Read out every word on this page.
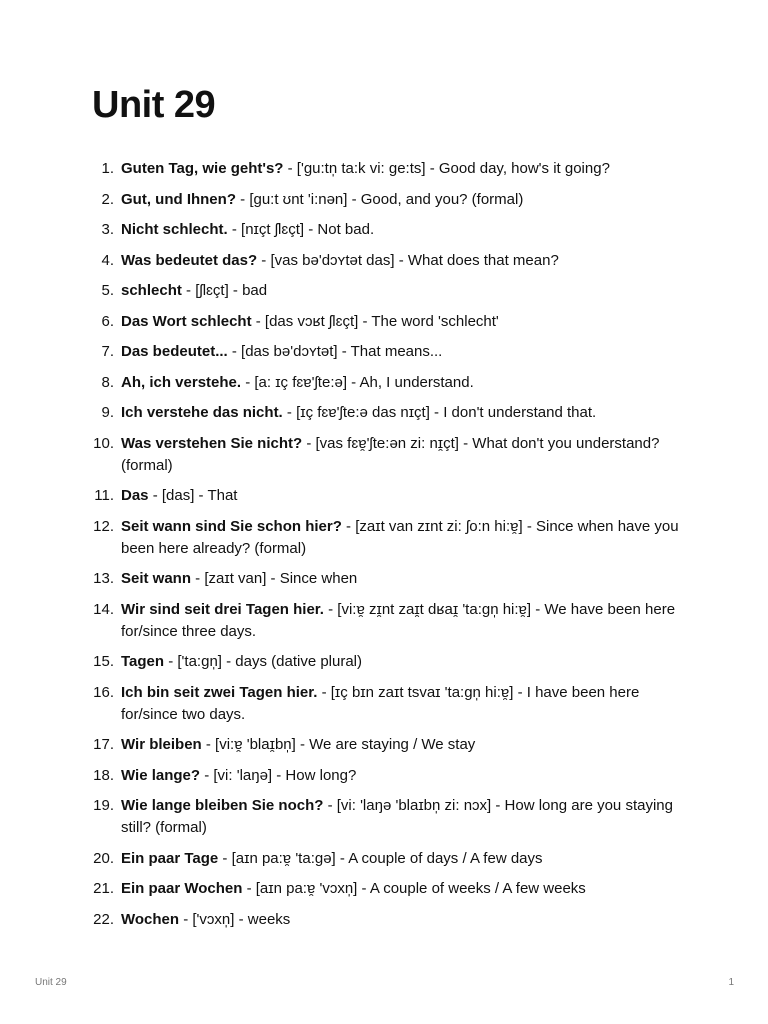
Unit 29
1. Guten Tag, wie geht's? - ['gu:tn̩ ta:k vi: ge:ts] - Good day, how's it going?
2. Gut, und Ihnen? - [gu:t ʊnt 'i:nən] - Good, and you? (formal)
3. Nicht schlecht. - [nɪçt ʃlɛçt] - Not bad.
4. Was bedeutet das? - [vas bə'dɔʏtət das] - What does that mean?
5. schlecht - [ʃlɛçt] - bad
6. Das Wort schlecht - [das vɔʁt ʃlɛçt] - The word 'schlecht'
7. Das bedeutet... - [das bə'dɔʏtət] - That means...
8. Ah, ich verstehe. - [a: ɪç fɛɐ'ʃte:ə] - Ah, I understand.
9. Ich verstehe das nicht. - [ɪç fɛɐ'ʃte:ə das nɪçt] - I don't understand that.
10. Was verstehen Sie nicht? - [vas fɛɐ̯'ʃte:ən zi: nɪ̯çt] - What don't you understand? (formal)
11. Das - [das] - That
12. Seit wann sind Sie schon hier? - [zaɪt van zɪnt zi: ʃo:n hi:ɐ̯] - Since when have you been here already? (formal)
13. Seit wann - [zaɪt van] - Since when
14. Wir sind seit drei Tagen hier. - [vi:ɐ̯ zɪ̯nt zaɪ̯t dʁaɪ̯ 'ta:gn̩ hi:ɐ̯] - We have been here for/since three days.
15. Tagen - ['ta:gn̩] - days (dative plural)
16. Ich bin seit zwei Tagen hier. - [ɪç bɪn zaɪt tsvaɪ 'ta:gn̩ hi:ɐ̯] - I have been here for/since two days.
17. Wir bleiben - [vi:ɐ̯ 'blaɪ̯bn̩] - We are staying / We stay
18. Wie lange? - [vi: 'laŋə] - How long?
19. Wie lange bleiben Sie noch? - [vi: 'laŋə 'blaɪbn̩ zi: nɔx] - How long are you staying still? (formal)
20. Ein paar Tage - [aɪn pa:ɐ̯ 'ta:gə] - A couple of days / A few days
21. Ein paar Wochen - [aɪn pa:ɐ̯ 'vɔxn̩] - A couple of weeks / A few weeks
22. Wochen - ['vɔxn̩] - weeks
Unit 29	1
